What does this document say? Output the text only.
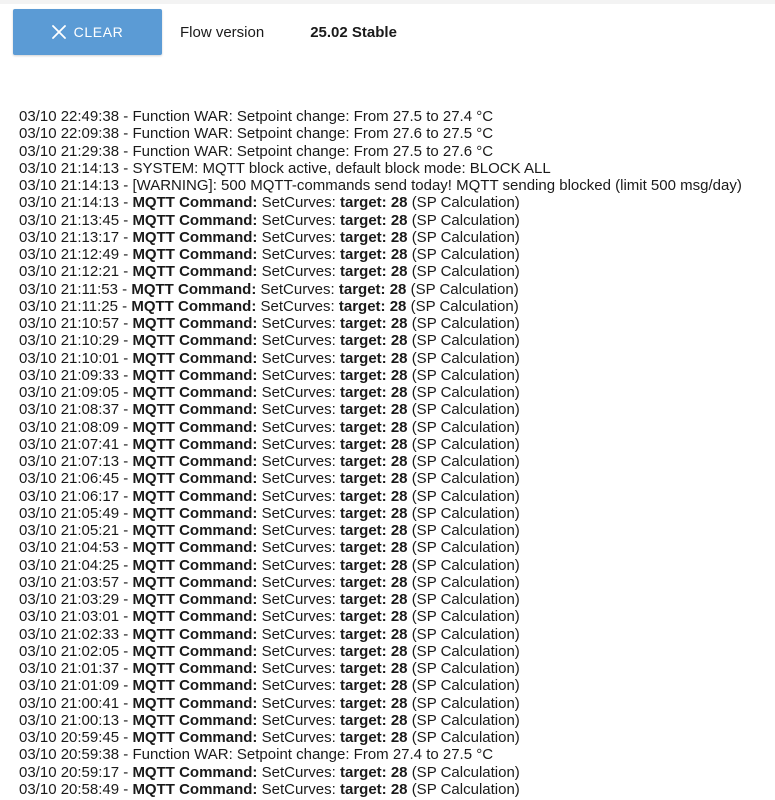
CLEAR	Flow version	25.02 Stable
03/10 22:49:38 - Function WAR: Setpoint change: From 27.5 to 27.4 °C
03/10 22:09:38 - Function WAR: Setpoint change: From 27.6 to 27.5 °C
03/10 21:29:38 - Function WAR: Setpoint change: From 27.5 to 27.6 °C
03/10 21:14:13 - SYSTEM: MQTT block active, default block mode: BLOCK ALL
03/10 21:14:13 - [WARNING]: 500 MQTT-commands send today! MQTT sending blocked (limit 500 msg/day)
03/10 21:14:13 - MQTT Command: SetCurves: target: 28 (SP Calculation)
03/10 21:13:45 - MQTT Command: SetCurves: target: 28 (SP Calculation)
03/10 21:13:17 - MQTT Command: SetCurves: target: 28 (SP Calculation)
03/10 21:12:49 - MQTT Command: SetCurves: target: 28 (SP Calculation)
03/10 21:12:21 - MQTT Command: SetCurves: target: 28 (SP Calculation)
03/10 21:11:53 - MQTT Command: SetCurves: target: 28 (SP Calculation)
03/10 21:11:25 - MQTT Command: SetCurves: target: 28 (SP Calculation)
03/10 21:10:57 - MQTT Command: SetCurves: target: 28 (SP Calculation)
03/10 21:10:29 - MQTT Command: SetCurves: target: 28 (SP Calculation)
03/10 21:10:01 - MQTT Command: SetCurves: target: 28 (SP Calculation)
03/10 21:09:33 - MQTT Command: SetCurves: target: 28 (SP Calculation)
03/10 21:09:05 - MQTT Command: SetCurves: target: 28 (SP Calculation)
03/10 21:08:37 - MQTT Command: SetCurves: target: 28 (SP Calculation)
03/10 21:08:09 - MQTT Command: SetCurves: target: 28 (SP Calculation)
03/10 21:07:41 - MQTT Command: SetCurves: target: 28 (SP Calculation)
03/10 21:07:13 - MQTT Command: SetCurves: target: 28 (SP Calculation)
03/10 21:06:45 - MQTT Command: SetCurves: target: 28 (SP Calculation)
03/10 21:06:17 - MQTT Command: SetCurves: target: 28 (SP Calculation)
03/10 21:05:49 - MQTT Command: SetCurves: target: 28 (SP Calculation)
03/10 21:05:21 - MQTT Command: SetCurves: target: 28 (SP Calculation)
03/10 21:04:53 - MQTT Command: SetCurves: target: 28 (SP Calculation)
03/10 21:04:25 - MQTT Command: SetCurves: target: 28 (SP Calculation)
03/10 21:03:57 - MQTT Command: SetCurves: target: 28 (SP Calculation)
03/10 21:03:29 - MQTT Command: SetCurves: target: 28 (SP Calculation)
03/10 21:03:01 - MQTT Command: SetCurves: target: 28 (SP Calculation)
03/10 21:02:33 - MQTT Command: SetCurves: target: 28 (SP Calculation)
03/10 21:02:05 - MQTT Command: SetCurves: target: 28 (SP Calculation)
03/10 21:01:37 - MQTT Command: SetCurves: target: 28 (SP Calculation)
03/10 21:01:09 - MQTT Command: SetCurves: target: 28 (SP Calculation)
03/10 21:00:41 - MQTT Command: SetCurves: target: 28 (SP Calculation)
03/10 21:00:13 - MQTT Command: SetCurves: target: 28 (SP Calculation)
03/10 20:59:45 - MQTT Command: SetCurves: target: 28 (SP Calculation)
03/10 20:59:38 - Function WAR: Setpoint change: From 27.4 to 27.5 °C
03/10 20:59:17 - MQTT Command: SetCurves: target: 28 (SP Calculation)
03/10 20:58:49 - MQTT Command: SetCurves: target: 28 (SP Calculation)
